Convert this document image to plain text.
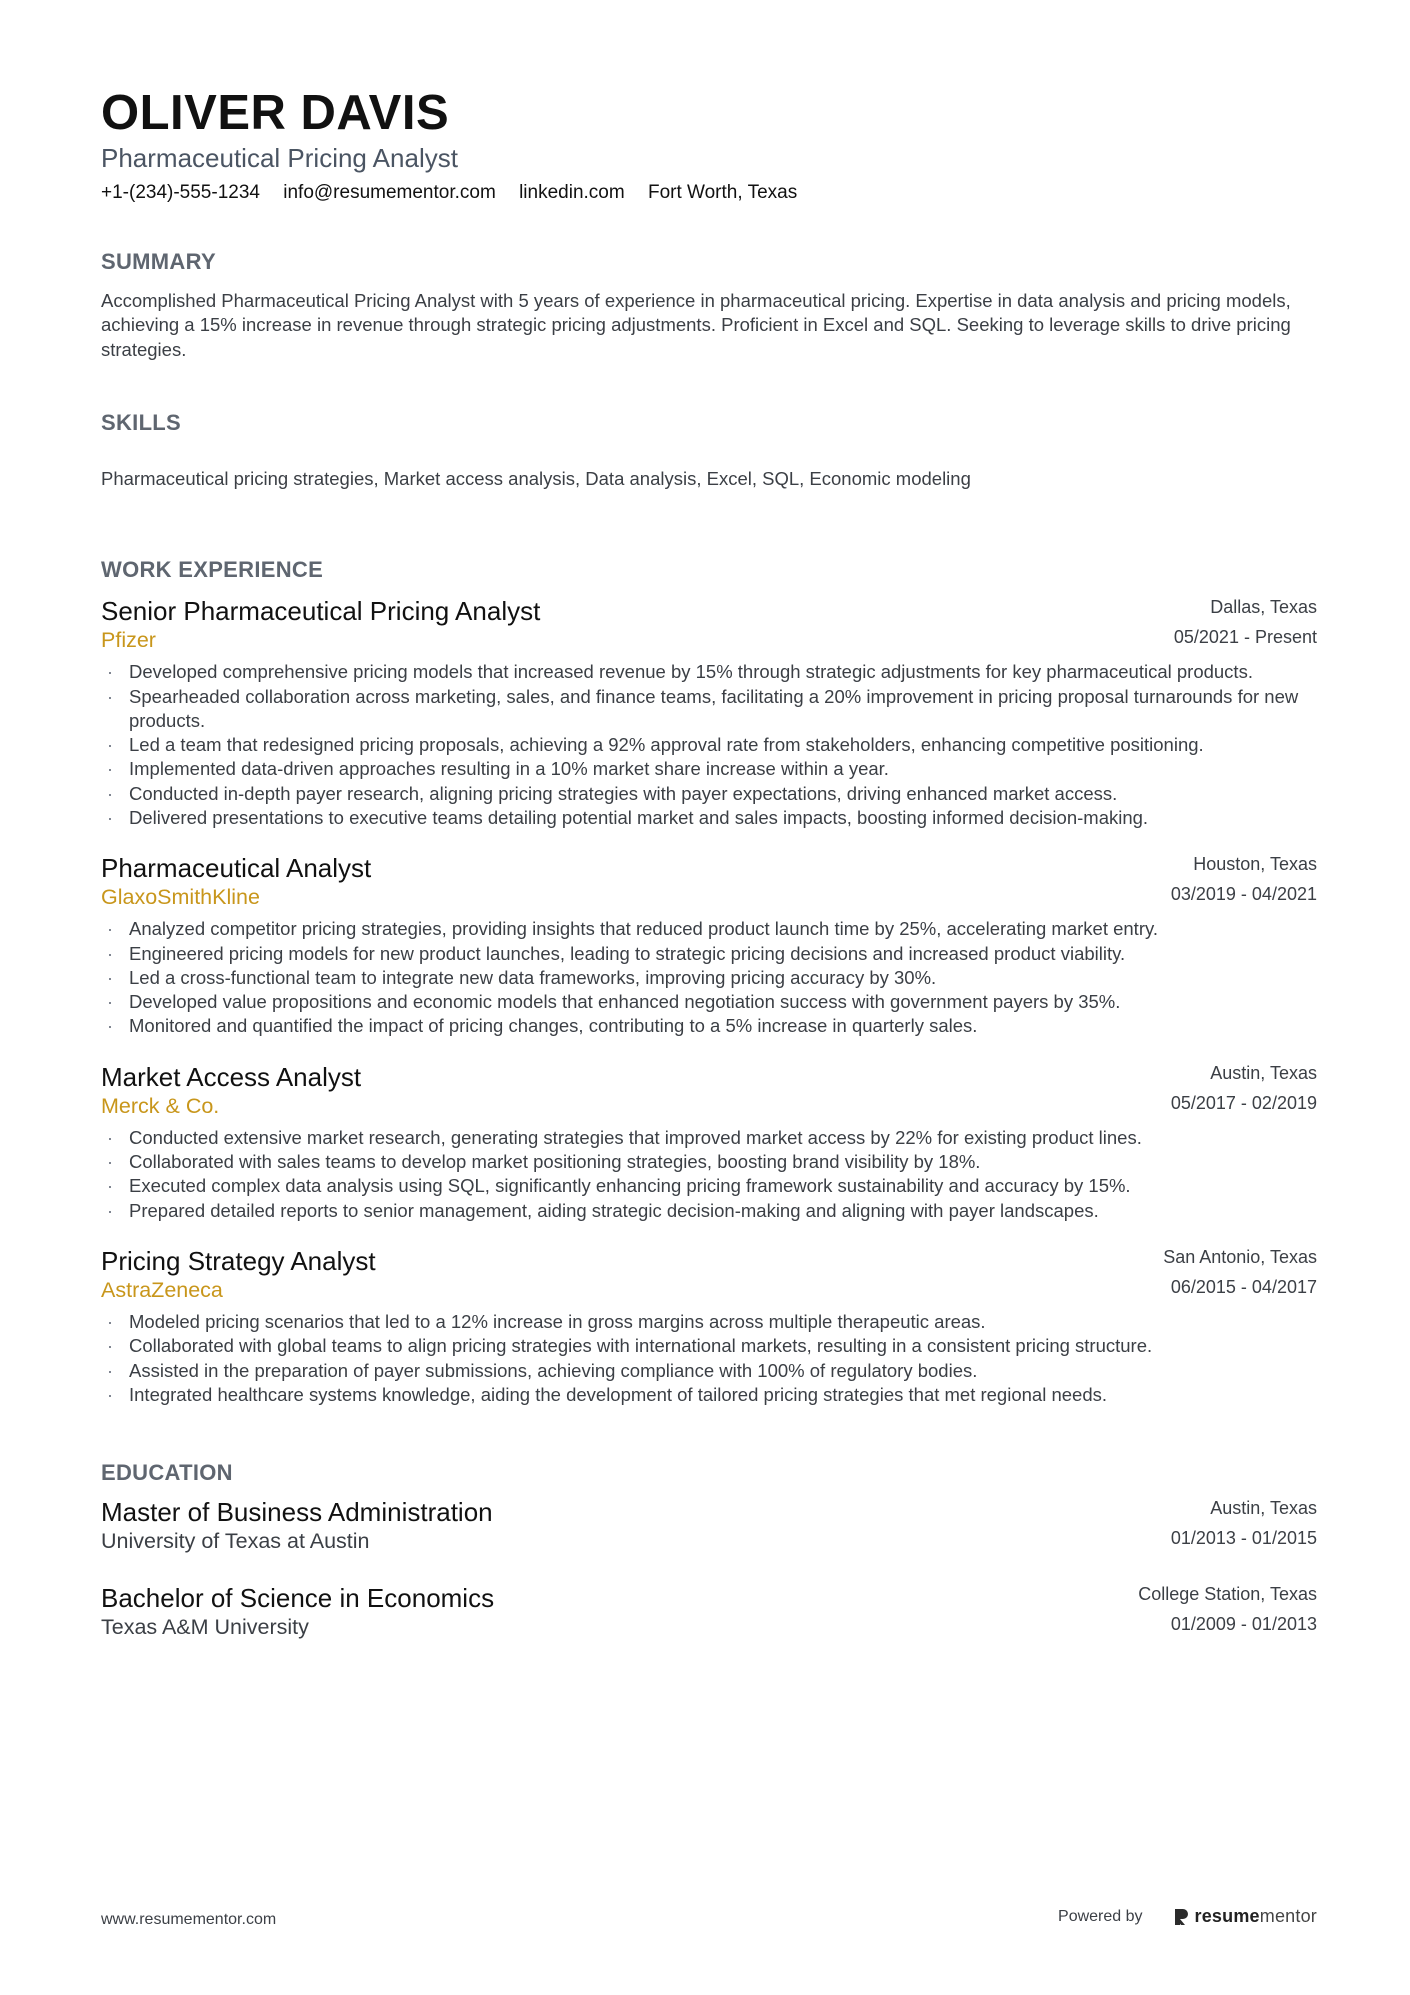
OLIVER DAVIS
Pharmaceutical Pricing Analyst
+1-(234)-555-1234 info@resumementor.com linkedin.com Fort Worth, Texas
SUMMARY
Accomplished Pharmaceutical Pricing Analyst with 5 years of experience in pharmaceutical pricing. Expertise in data analysis and pricing models, achieving a 15% increase in revenue through strategic pricing adjustments. Proficient in Excel and SQL. Seeking to leverage skills to drive pricing strategies.
SKILLS
Pharmaceutical pricing strategies, Market access analysis, Data analysis, Excel, SQL, Economic modeling
WORK EXPERIENCE
Senior Pharmaceutical Pricing Analyst
Pfizer
Dallas, Texas
05/2021 - Present
· Developed comprehensive pricing models that increased revenue by 15% through strategic adjustments for key pharmaceutical products.
· Spearheaded collaboration across marketing, sales, and finance teams, facilitating a 20% improvement in pricing proposal turnarounds for new products.
· Led a team that redesigned pricing proposals, achieving a 92% approval rate from stakeholders, enhancing competitive positioning.
· Implemented data-driven approaches resulting in a 10% market share increase within a year.
· Conducted in-depth payer research, aligning pricing strategies with payer expectations, driving enhanced market access.
· Delivered presentations to executive teams detailing potential market and sales impacts, boosting informed decision-making.
Pharmaceutical Analyst
GlaxoSmithKline
Houston, Texas
03/2019 - 04/2021
· Analyzed competitor pricing strategies, providing insights that reduced product launch time by 25%, accelerating market entry.
· Engineered pricing models for new product launches, leading to strategic pricing decisions and increased product viability.
· Led a cross-functional team to integrate new data frameworks, improving pricing accuracy by 30%.
· Developed value propositions and economic models that enhanced negotiation success with government payers by 35%.
· Monitored and quantified the impact of pricing changes, contributing to a 5% increase in quarterly sales.
Market Access Analyst
Merck & Co.
Austin, Texas
05/2017 - 02/2019
· Conducted extensive market research, generating strategies that improved market access by 22% for existing product lines.
· Collaborated with sales teams to develop market positioning strategies, boosting brand visibility by 18%.
· Executed complex data analysis using SQL, significantly enhancing pricing framework sustainability and accuracy by 15%.
· Prepared detailed reports to senior management, aiding strategic decision-making and aligning with payer landscapes.
Pricing Strategy Analyst
AstraZeneca
San Antonio, Texas
06/2015 - 04/2017
· Modeled pricing scenarios that led to a 12% increase in gross margins across multiple therapeutic areas.
· Collaborated with global teams to align pricing strategies with international markets, resulting in a consistent pricing structure.
· Assisted in the preparation of payer submissions, achieving compliance with 100% of regulatory bodies.
· Integrated healthcare systems knowledge, aiding the development of tailored pricing strategies that met regional needs.
EDUCATION
Master of Business Administration
University of Texas at Austin
Austin, Texas
01/2013 - 01/2015
Bachelor of Science in Economics
Texas A&M University
College Station, Texas
01/2009 - 01/2013
www.resumementor.com	Powered by	resumementor
